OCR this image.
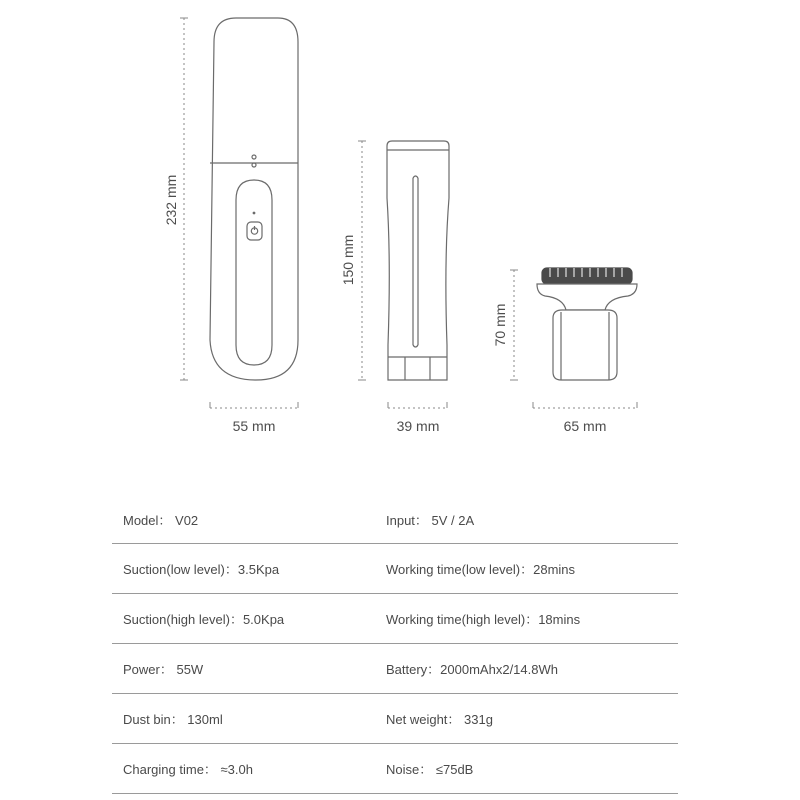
232 mm
55 mm
150 mm
39 mm
70 mm
65 mm
Model： V02	Input： 5V / 2A
Suction(low level)：3.5Kpa	Working time(low level)：28mins
Suction(high level)：5.0Kpa	Working time(high level)：18mins
Power： 55W	Battery：2000mAhx2/14.8Wh
Dust bin： 130ml	Net weight： 331g
Charging time： ≈3.0h	Noise： ≤75dB
